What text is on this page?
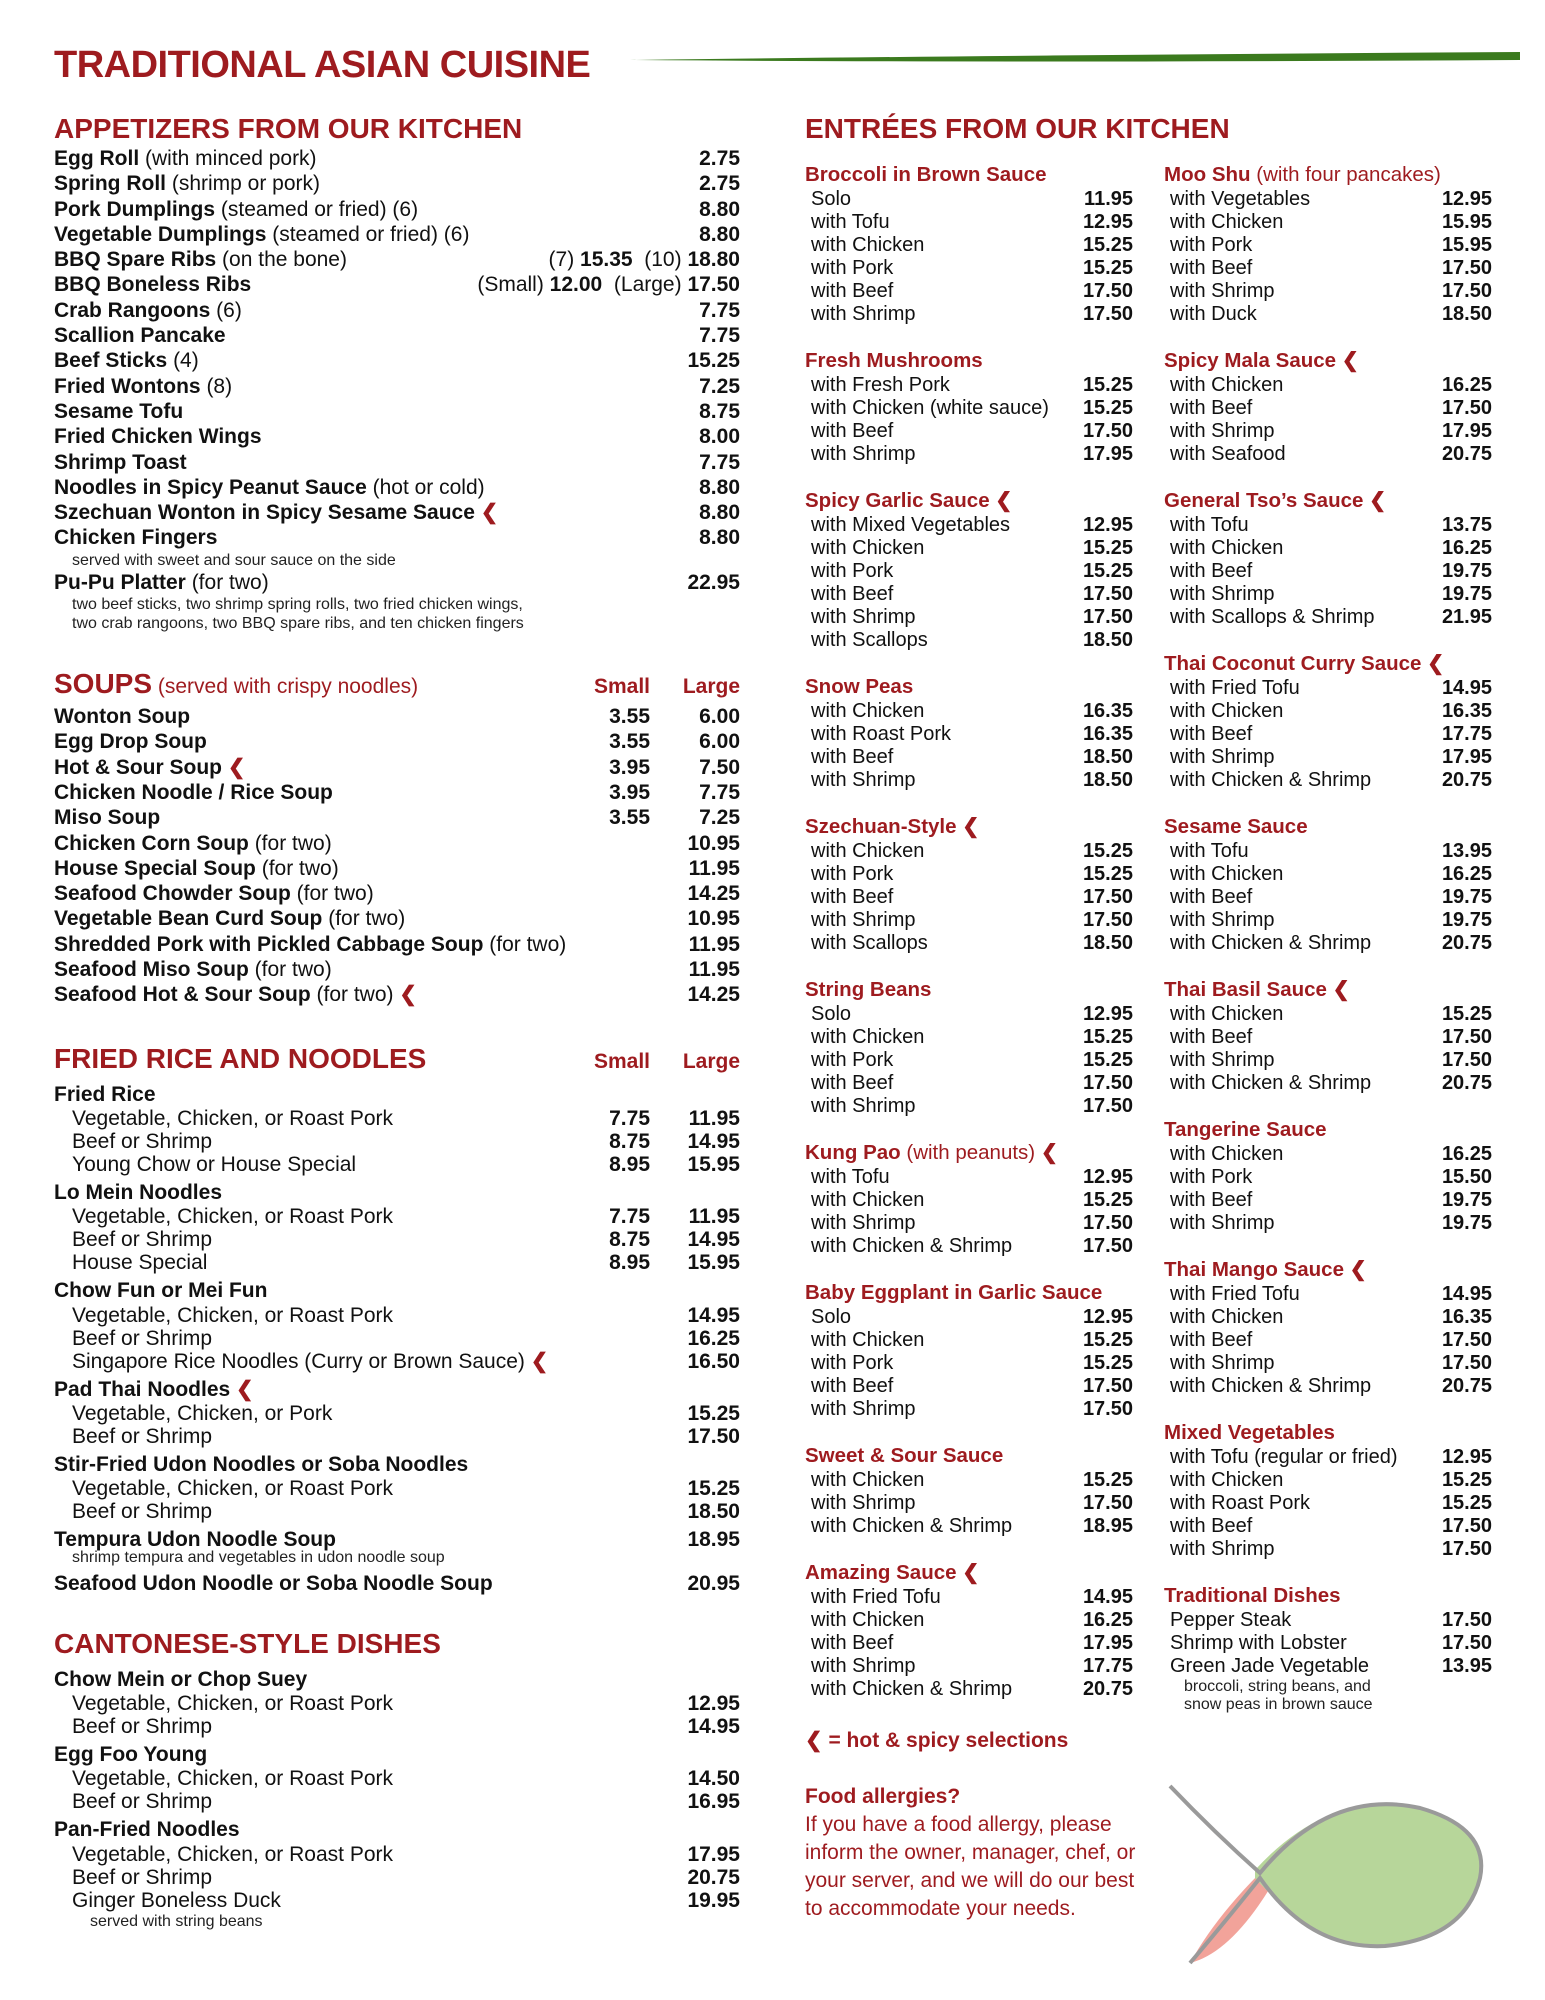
TRADITIONAL ASIAN CUISINE
APPETIZERS FROM OUR KITCHEN
Egg Roll (with minced pork)	2.75
Spring Roll (shrimp or pork)	2.75
Pork Dumplings (steamed or fried) (6)	8.80
Vegetable Dumplings (steamed or fried) (6)	8.80
BBQ Spare Ribs (on the bone)	(7) 15.35  (10) 18.80
BBQ Boneless Ribs	(Small) 12.00  (Large) 17.50
Crab Rangoons (6)	7.75
Scallion Pancake	7.75
Beef Sticks (4)	15.25
Fried Wontons (8)	7.25
Sesame Tofu	8.75
Fried Chicken Wings	8.00
Shrimp Toast	7.75
Noodles in Spicy Peanut Sauce (hot or cold)	8.80
Szechuan Wonton in Spicy Sesame Sauce ❮	8.80
Chicken Fingers	8.80
served with sweet and sour sauce on the side
Pu-Pu Platter (for two)	22.95
two beef sticks, two shrimp spring rolls, two fried chicken wings,
two crab rangoons, two BBQ spare ribs, and ten chicken fingers
SOUPS (served with crispy noodles)	Small	Large
Wonton Soup	3.55	6.00
Egg Drop Soup	3.55	6.00
Hot & Sour Soup ❮	3.95	7.50
Chicken Noodle / Rice Soup	3.95	7.75
Miso Soup	3.55	7.25
Chicken Corn Soup (for two)	10.95
House Special Soup (for two)	11.95
Seafood Chowder Soup (for two)	14.25
Vegetable Bean Curd Soup (for two)	10.95
Shredded Pork with Pickled Cabbage Soup (for two)	11.95
Seafood Miso Soup (for two)	11.95
Seafood Hot & Sour Soup (for two) ❮	14.25
FRIED RICE AND NOODLES	Small	Large
Fried Rice
Vegetable, Chicken, or Roast Pork	7.75	11.95
Beef or Shrimp	8.75	14.95
Young Chow or House Special	8.95	15.95
Lo Mein Noodles
Vegetable, Chicken, or Roast Pork	7.75	11.95
Beef or Shrimp	8.75	14.95
House Special	8.95	15.95
Chow Fun or Mei Fun
Vegetable, Chicken, or Roast Pork	14.95
Beef or Shrimp	16.25
Singapore Rice Noodles (Curry or Brown Sauce) ❮	16.50
Pad Thai Noodles ❮
Vegetable, Chicken, or Pork	15.25
Beef or Shrimp	17.50
Stir-Fried Udon Noodles or Soba Noodles
Vegetable, Chicken, or Roast Pork	15.25
Beef or Shrimp	18.50
Tempura Udon Noodle Soup	18.95
shrimp tempura and vegetables in udon noodle soup
Seafood Udon Noodle or Soba Noodle Soup	20.95
CANTONESE-STYLE DISHES
Chow Mein or Chop Suey
Vegetable, Chicken, or Roast Pork	12.95
Beef or Shrimp	14.95
Egg Foo Young
Vegetable, Chicken, or Roast Pork	14.50
Beef or Shrimp	16.95
Pan-Fried Noodles
Vegetable, Chicken, or Roast Pork	17.95
Beef or Shrimp	20.75
Ginger Boneless Duck	19.95
served with string beans
ENTRÉES FROM OUR KITCHEN
Broccoli in Brown Sauce
Solo	11.95
with Tofu	12.95
with Chicken	15.25
with Pork	15.25
with Beef	17.50
with Shrimp	17.50
Fresh Mushrooms
with Fresh Pork	15.25
with Chicken (white sauce)	15.25
with Beef	17.50
with Shrimp	17.95
Spicy Garlic Sauce ❮
with Mixed Vegetables	12.95
with Chicken	15.25
with Pork	15.25
with Beef	17.50
with Shrimp	17.50
with Scallops	18.50
Snow Peas
with Chicken	16.35
with Roast Pork	16.35
with Beef	18.50
with Shrimp	18.50
Szechuan-Style ❮
with Chicken	15.25
with Pork	15.25
with Beef	17.50
with Shrimp	17.50
with Scallops	18.50
String Beans
Solo	12.95
with Chicken	15.25
with Pork	15.25
with Beef	17.50
with Shrimp	17.50
Kung Pao (with peanuts) ❮
with Tofu	12.95
with Chicken	15.25
with Shrimp	17.50
with Chicken & Shrimp	17.50
Baby Eggplant in Garlic Sauce
Solo	12.95
with Chicken	15.25
with Pork	15.25
with Beef	17.50
with Shrimp	17.50
Sweet & Sour Sauce
with Chicken	15.25
with Shrimp	17.50
with Chicken & Shrimp	18.95
Amazing Sauce ❮
with Fried Tofu	14.95
with Chicken	16.25
with Beef	17.95
with Shrimp	17.75
with Chicken & Shrimp	20.75
Moo Shu (with four pancakes)
with Vegetables	12.95
with Chicken	15.95
with Pork	15.95
with Beef	17.50
with Shrimp	17.50
with Duck	18.50
Spicy Mala Sauce ❮
with Chicken	16.25
with Beef	17.50
with Shrimp	17.95
with Seafood	20.75
General Tso’s Sauce ❮
with Tofu	13.75
with Chicken	16.25
with Beef	19.75
with Shrimp	19.75
with Scallops & Shrimp	21.95
Thai Coconut Curry Sauce ❮
with Fried Tofu	14.95
with Chicken	16.35
with Beef	17.75
with Shrimp	17.95
with Chicken & Shrimp	20.75
Sesame Sauce
with Tofu	13.95
with Chicken	16.25
with Beef	19.75
with Shrimp	19.75
with Chicken & Shrimp	20.75
Thai Basil Sauce ❮
with Chicken	15.25
with Beef	17.50
with Shrimp	17.50
with Chicken & Shrimp	20.75
Tangerine Sauce
with Chicken	16.25
with Pork	15.50
with Beef	19.75
with Shrimp	19.75
Thai Mango Sauce ❮
with Fried Tofu	14.95
with Chicken	16.35
with Beef	17.50
with Shrimp	17.50
with Chicken & Shrimp	20.75
Mixed Vegetables
with Tofu (regular or fried)	12.95
with Chicken	15.25
with Roast Pork	15.25
with Beef	17.50
with Shrimp	17.50
Traditional Dishes
Pepper Steak	17.50
Shrimp with Lobster	17.50
Green Jade Vegetable	13.95
broccoli, string beans, and
snow peas in brown sauce
❮ = hot & spicy selections
Food allergies?
If you have a food allergy, please inform the owner, manager, chef, or your server, and we will do our best to accommodate your needs.
